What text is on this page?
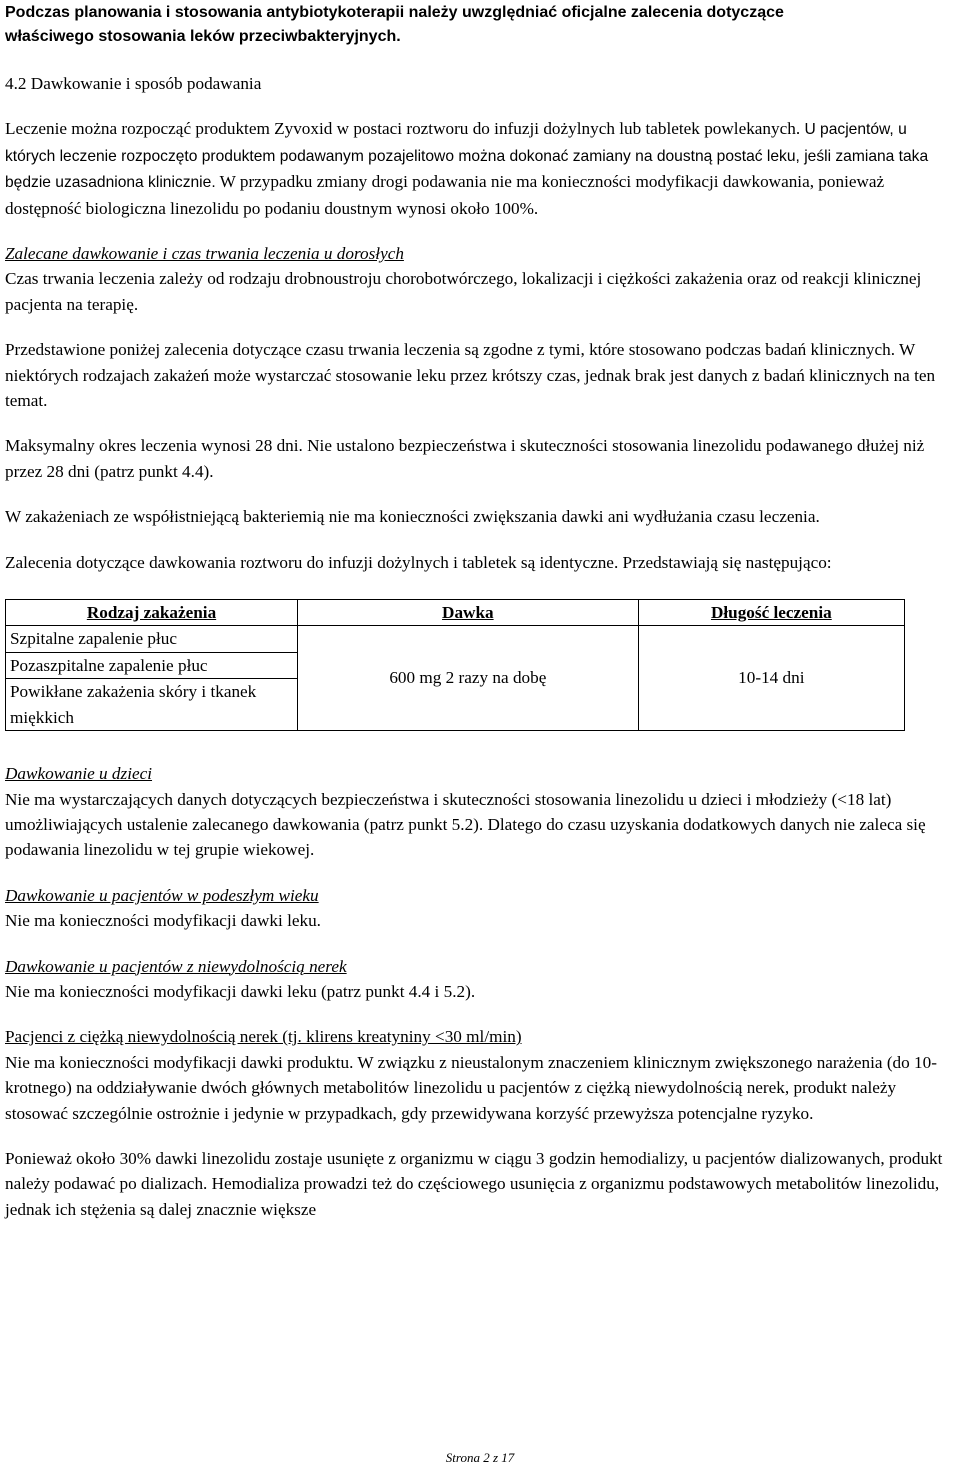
Podczas planowania i stosowania antybiotykoterapii należy uwzględniać oficjalne zalecenia dotyczące

właściwego stosowania leków przeciwbakteryjnych.

4.2 Dawkowanie i sposób podawania

Leczenie można rozpocząć produktem Zyvoxid w postaci roztworu do infuzji dożylnych lub tabletek powlekanych. U pacjentów, u których leczenie rozpoczęto produktem podawanym pozajelitowo można dokonać zamiany na doustną postać leku, jeśli zamiana taka będzie uzasadniona klinicznie. W przypadku zmiany drogi podawania nie ma konieczności modyfikacji dawkowania, ponieważ dostępność biologiczna linezolidu po podaniu doustnym wynosi około 100%.

Zalecane dawkowanie i czas trwania leczenia u dorosłych

Czas trwania leczenia zależy od rodzaju drobnoustroju chorobotwórczego, lokalizacji i ciężkości zakażenia oraz od reakcji klinicznej pacjenta na terapię.

Przedstawione poniżej zalecenia dotyczące czasu trwania leczenia są zgodne z tymi, które stosowano podczas badań klinicznych. W niektórych rodzajach zakażeń może wystarczać stosowanie leku przez krótszy czas, jednak brak jest danych z badań klinicznych na ten temat.

Maksymalny okres leczenia wynosi 28 dni. Nie ustalono bezpieczeństwa i skuteczności stosowania linezolidu podawanego dłużej niż przez 28 dni (patrz punkt 4.4).

W zakażeniach ze współistniejącą bakteriemią nie ma konieczności zwiększania dawki ani wydłużania czasu leczenia.

Zalecenia dotyczące dawkowania roztworu do infuzji dożylnych i tabletek są identyczne. Przedstawiają się następująco:

Rodzaj zakażenia	Dawka	Długość leczenia
Szpitalne zapalenie płuc	600 mg 2 razy na dobę	10‐14 dni
Pozaszpitalne zapalenie płuc		
Powikłane zakażenia skóry i tkanek miękkich		

Dawkowanie u dzieci

Nie ma wystarczających danych dotyczących bezpieczeństwa i skuteczności stosowania linezolidu u dzieci i młodzieży (<18 lat) umożliwiających ustalenie zalecanego dawkowania (patrz punkt 5.2). Dlatego do czasu uzyskania dodatkowych danych nie zaleca się podawania linezolidu w tej grupie wiekowej.

Dawkowanie u pacjentów w podeszłym wieku

Nie ma konieczności modyfikacji dawki leku.

Dawkowanie u pacjentów z niewydolnością nerek

Nie ma konieczności modyfikacji dawki leku (patrz punkt 4.4 i 5.2).

Pacjenci z ciężką niewydolnością nerek (tj. klirens kreatyniny <30 ml/min)

Nie ma konieczności modyfikacji dawki produktu. W związku z nieustalonym znaczeniem klinicznym zwiększonego narażenia (do 10-krotnego) na oddziaływanie dwóch głównych metabolitów linezolidu u pacjentów z ciężką niewydolnością nerek, produkt należy stosować szczególnie ostrożnie i jedynie w przypadkach, gdy przewidywana korzyść przewyższa potencjalne ryzyko.

Ponieważ około 30% dawki linezolidu zostaje usunięte z organizmu w ciągu 3 godzin hemodializy, u pacjentów dializowanych, produkt należy podawać po dializach. Hemodializa prowadzi też do częściowego usunięcia z organizmu podstawowych metabolitów linezolidu, jednak ich stężenia są dalej znacznie większe

Strona 2 z 17
